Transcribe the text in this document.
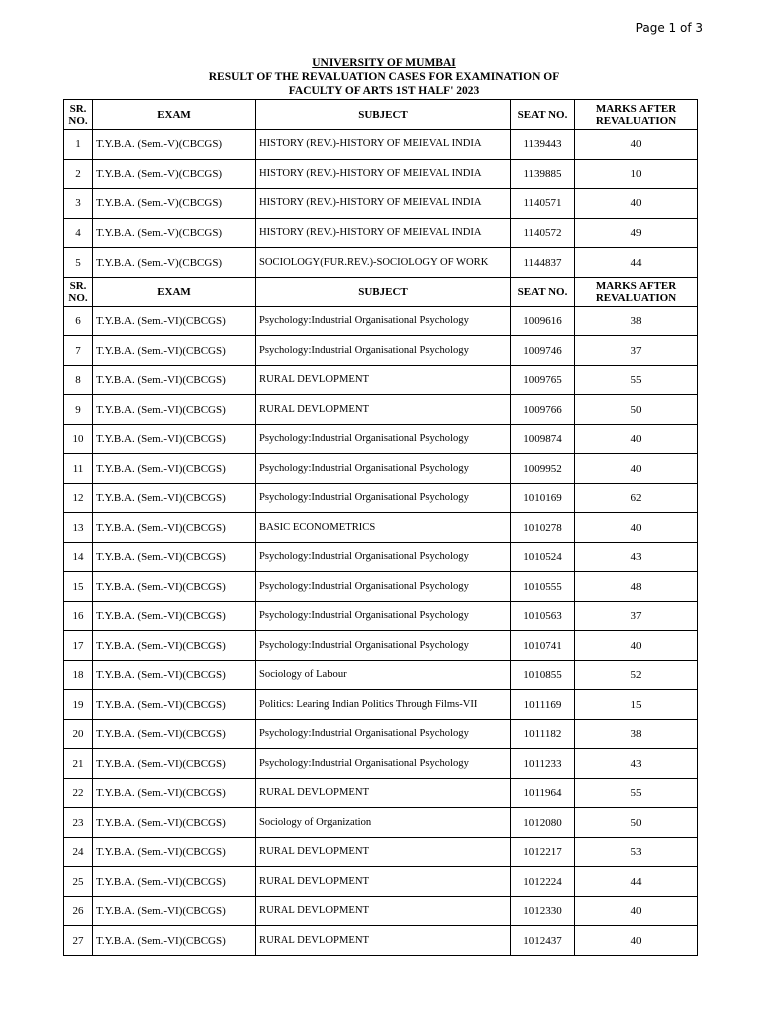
Page 1 of 3
UNIVERSITY OF MUMBAI
RESULT OF THE REVALUATION CASES FOR EXAMINATION OF
FACULTY OF ARTS 1ST HALF' 2023
SR. NO.	EXAM	SUBJECT	SEAT NO.	MARKS AFTER REVALUATION
1	T.Y.B.A. (Sem.-V)(CBCGS)	HISTORY (REV.)-HISTORY OF MEIEVAL INDIA	1139443	40
2	T.Y.B.A. (Sem.-V)(CBCGS)	HISTORY (REV.)-HISTORY OF MEIEVAL INDIA	1139885	10
3	T.Y.B.A. (Sem.-V)(CBCGS)	HISTORY (REV.)-HISTORY OF MEIEVAL INDIA	1140571	40
4	T.Y.B.A. (Sem.-V)(CBCGS)	HISTORY (REV.)-HISTORY OF MEIEVAL INDIA	1140572	49
5	T.Y.B.A. (Sem.-V)(CBCGS)	SOCIOLOGY(FUR.REV.)-SOCIOLOGY OF WORK	1144837	44
SR. NO.	EXAM	SUBJECT	SEAT NO.	MARKS AFTER REVALUATION
6	T.Y.B.A. (Sem.-VI)(CBCGS)	Psychology:Industrial Organisational Psychology	1009616	38
7	T.Y.B.A. (Sem.-VI)(CBCGS)	Psychology:Industrial Organisational Psychology	1009746	37
8	T.Y.B.A. (Sem.-VI)(CBCGS)	RURAL DEVLOPMENT	1009765	55
9	T.Y.B.A. (Sem.-VI)(CBCGS)	RURAL DEVLOPMENT	1009766	50
10	T.Y.B.A. (Sem.-VI)(CBCGS)	Psychology:Industrial Organisational Psychology	1009874	40
11	T.Y.B.A. (Sem.-VI)(CBCGS)	Psychology:Industrial Organisational Psychology	1009952	40
12	T.Y.B.A. (Sem.-VI)(CBCGS)	Psychology:Industrial Organisational Psychology	1010169	62
13	T.Y.B.A. (Sem.-VI)(CBCGS)	BASIC ECONOMETRICS	1010278	40
14	T.Y.B.A. (Sem.-VI)(CBCGS)	Psychology:Industrial Organisational Psychology	1010524	43
15	T.Y.B.A. (Sem.-VI)(CBCGS)	Psychology:Industrial Organisational Psychology	1010555	48
16	T.Y.B.A. (Sem.-VI)(CBCGS)	Psychology:Industrial Organisational Psychology	1010563	37
17	T.Y.B.A. (Sem.-VI)(CBCGS)	Psychology:Industrial Organisational Psychology	1010741	40
18	T.Y.B.A. (Sem.-VI)(CBCGS)	Sociology of Labour	1010855	52
19	T.Y.B.A. (Sem.-VI)(CBCGS)	Politics: Learing Indian Politics Through Films-VII	1011169	15
20	T.Y.B.A. (Sem.-VI)(CBCGS)	Psychology:Industrial Organisational Psychology	1011182	38
21	T.Y.B.A. (Sem.-VI)(CBCGS)	Psychology:Industrial Organisational Psychology	1011233	43
22	T.Y.B.A. (Sem.-VI)(CBCGS)	RURAL DEVLOPMENT	1011964	55
23	T.Y.B.A. (Sem.-VI)(CBCGS)	Sociology of Organization	1012080	50
24	T.Y.B.A. (Sem.-VI)(CBCGS)	RURAL DEVLOPMENT	1012217	53
25	T.Y.B.A. (Sem.-VI)(CBCGS)	RURAL DEVLOPMENT	1012224	44
26	T.Y.B.A. (Sem.-VI)(CBCGS)	RURAL DEVLOPMENT	1012330	40
27	T.Y.B.A. (Sem.-VI)(CBCGS)	RURAL DEVLOPMENT	1012437	40
